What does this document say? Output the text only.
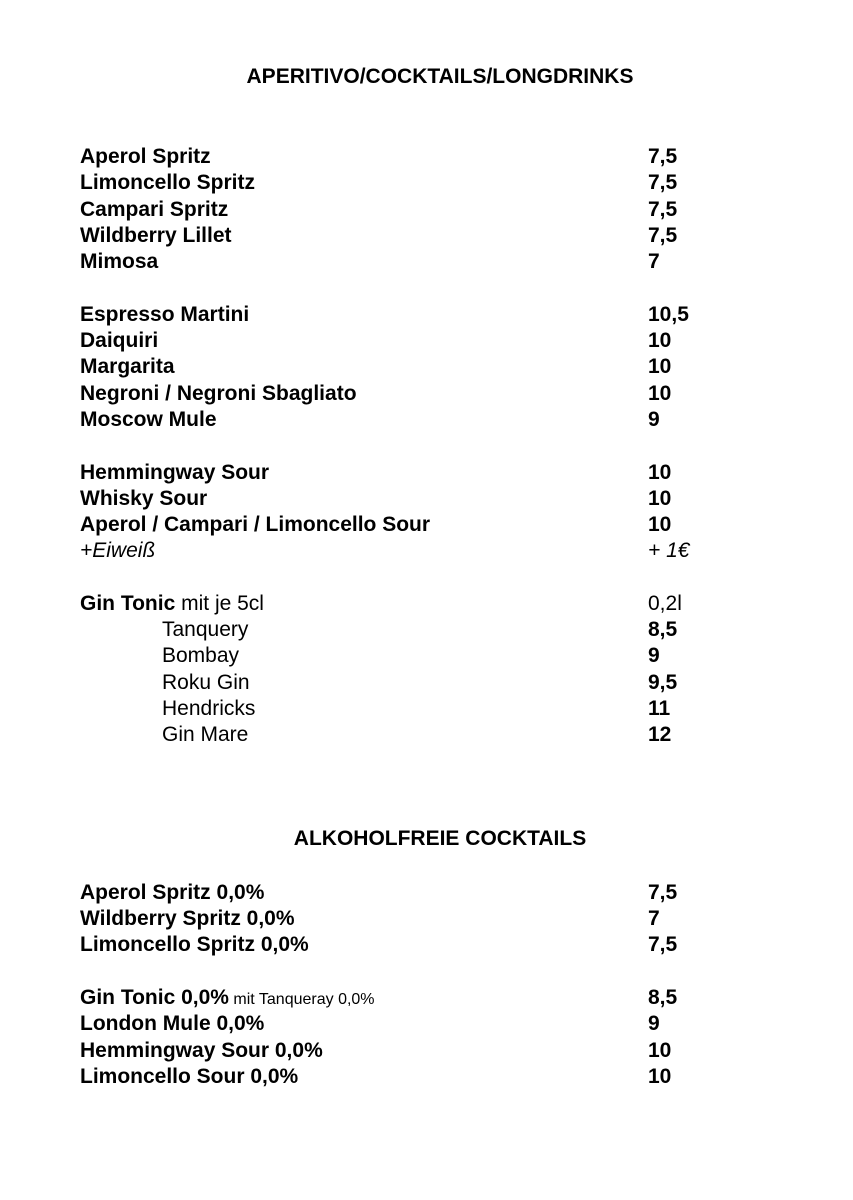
APERITIVO/COCKTAILS/LONGDRINKS
Aperol Spritz	7,5
Limoncello Spritz	7,5
Campari Spritz	7,5
Wildberry Lillet	7,5
Mimosa	7
Espresso Martini	10,5
Daiquiri	10
Margarita	10
Negroni / Negroni Sbagliato	10
Moscow Mule	9
Hemmingway Sour	10
Whisky Sour	10
Aperol / Campari / Limoncello Sour	10
+Eiweiß	+ 1€
Gin Tonic mit je 5cl	0,2l
Tanquery	8,5
Bombay	9
Roku Gin	9,5
Hendricks	11
Gin Mare	12
ALKOHOLFREIE COCKTAILS
Aperol Spritz 0,0%	7,5
Wildberry Spritz 0,0%	7
Limoncello Spritz 0,0%	7,5
Gin Tonic 0,0% mit Tanqueray 0,0%	8,5
London Mule 0,0%	9
Hemmingway Sour 0,0%	10
Limoncello Sour 0,0%	10
